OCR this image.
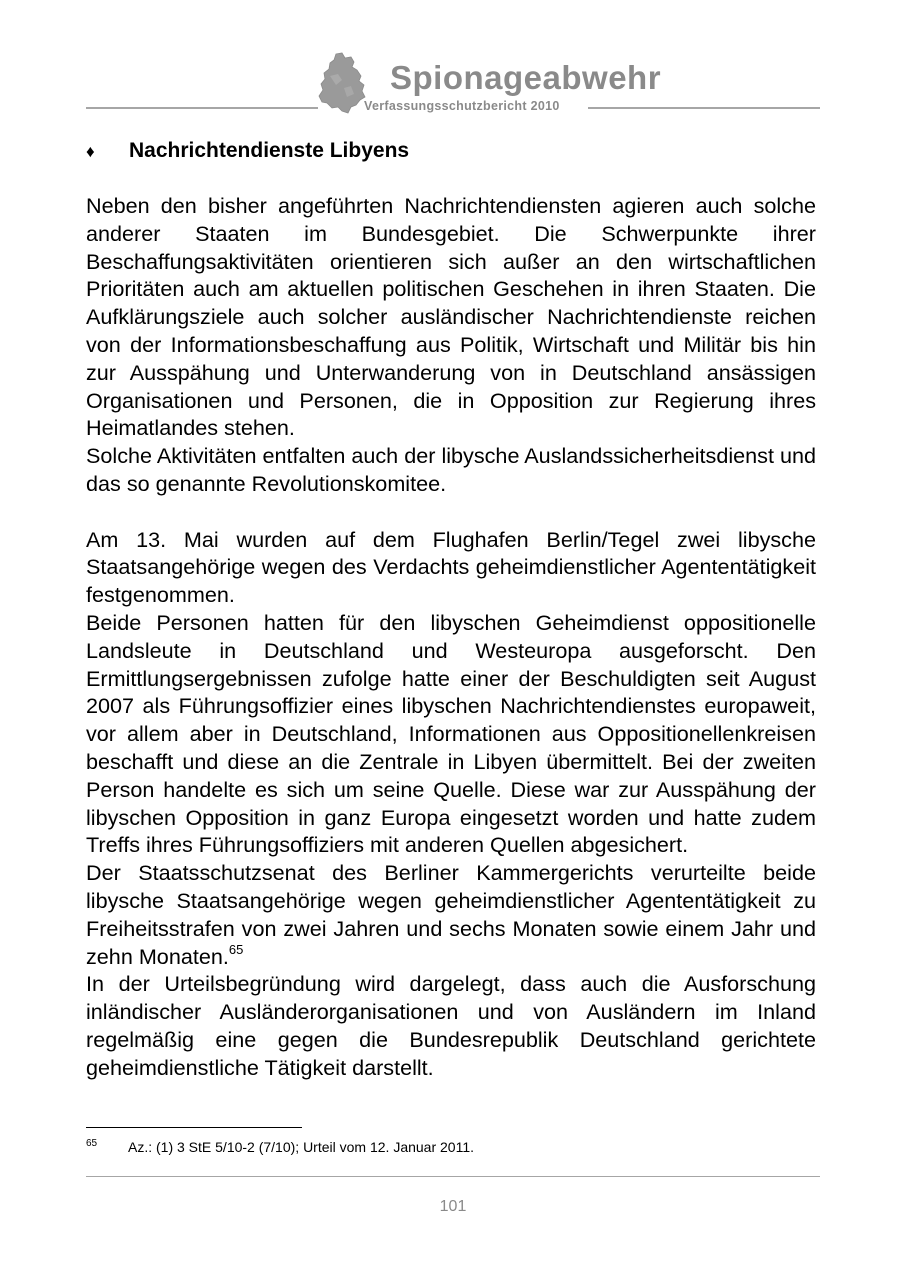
Spionageabwehr
Verfassungsschutzbericht 2010
♦ Nachrichtendienste Libyens

Neben den bisher angeführten Nachrichtendiensten agieren auch solche anderer Staaten im Bundesgebiet. Die Schwerpunkte ihrer Beschaffungsaktivitäten orientieren sich außer an den wirtschaftlichen Prioritäten auch am aktuellen politischen Geschehen in ihren Staaten. Die Aufklärungsziele auch solcher ausländischer Nachrichtendienste reichen von der Informationsbeschaffung aus Politik, Wirtschaft und Militär bis hin zur Ausspähung und Unterwanderung von in Deutschland ansässigen Organisationen und Personen, die in Opposition zur Regierung ihres Heimatlandes stehen.

Solche Aktivitäten entfalten auch der libysche Auslandssicherheitsdienst und das so genannte Revolutionskomitee.

Am 13. Mai wurden auf dem Flughafen Berlin/Tegel zwei libysche Staatsangehörige wegen des Verdachts geheimdienstlicher Agententätigkeit festgenommen.

Beide Personen hatten für den libyschen Geheimdienst oppositionelle Landsleute in Deutschland und Westeuropa ausgeforscht. Den Ermittlungsergebnissen zufolge hatte einer der Beschuldigten seit August 2007 als Führungsoffizier eines libyschen Nachrichtendienstes europaweit, vor allem aber in Deutschland, Informationen aus Oppositionellenkreisen beschafft und diese an die Zentrale in Libyen übermittelt. Bei der zweiten Person handelte es sich um seine Quelle. Diese war zur Ausspähung der libyschen Opposition in ganz Europa eingesetzt worden und hatte zudem Treffs ihres Führungsoffiziers mit anderen Quellen abgesichert.

Der Staatsschutzsenat des Berliner Kammergerichts verurteilte beide libysche Staatsangehörige wegen geheimdienstlicher Agententätigkeit zu Freiheitsstrafen von zwei Jahren und sechs Monaten sowie einem Jahr und zehn Monaten.$^{65}$

In der Urteilsbegründung wird dargelegt, dass auch die Ausforschung inländischer Ausländerorganisationen und von Ausländern im Inland regelmäßig eine gegen die Bundesrepublik Deutschland gerichtete geheimdienstliche Tätigkeit darstellt.

65 Az.: (1) 3 StE 5/10-2 (7/10); Urteil vom 12. Januar 2011.
101
